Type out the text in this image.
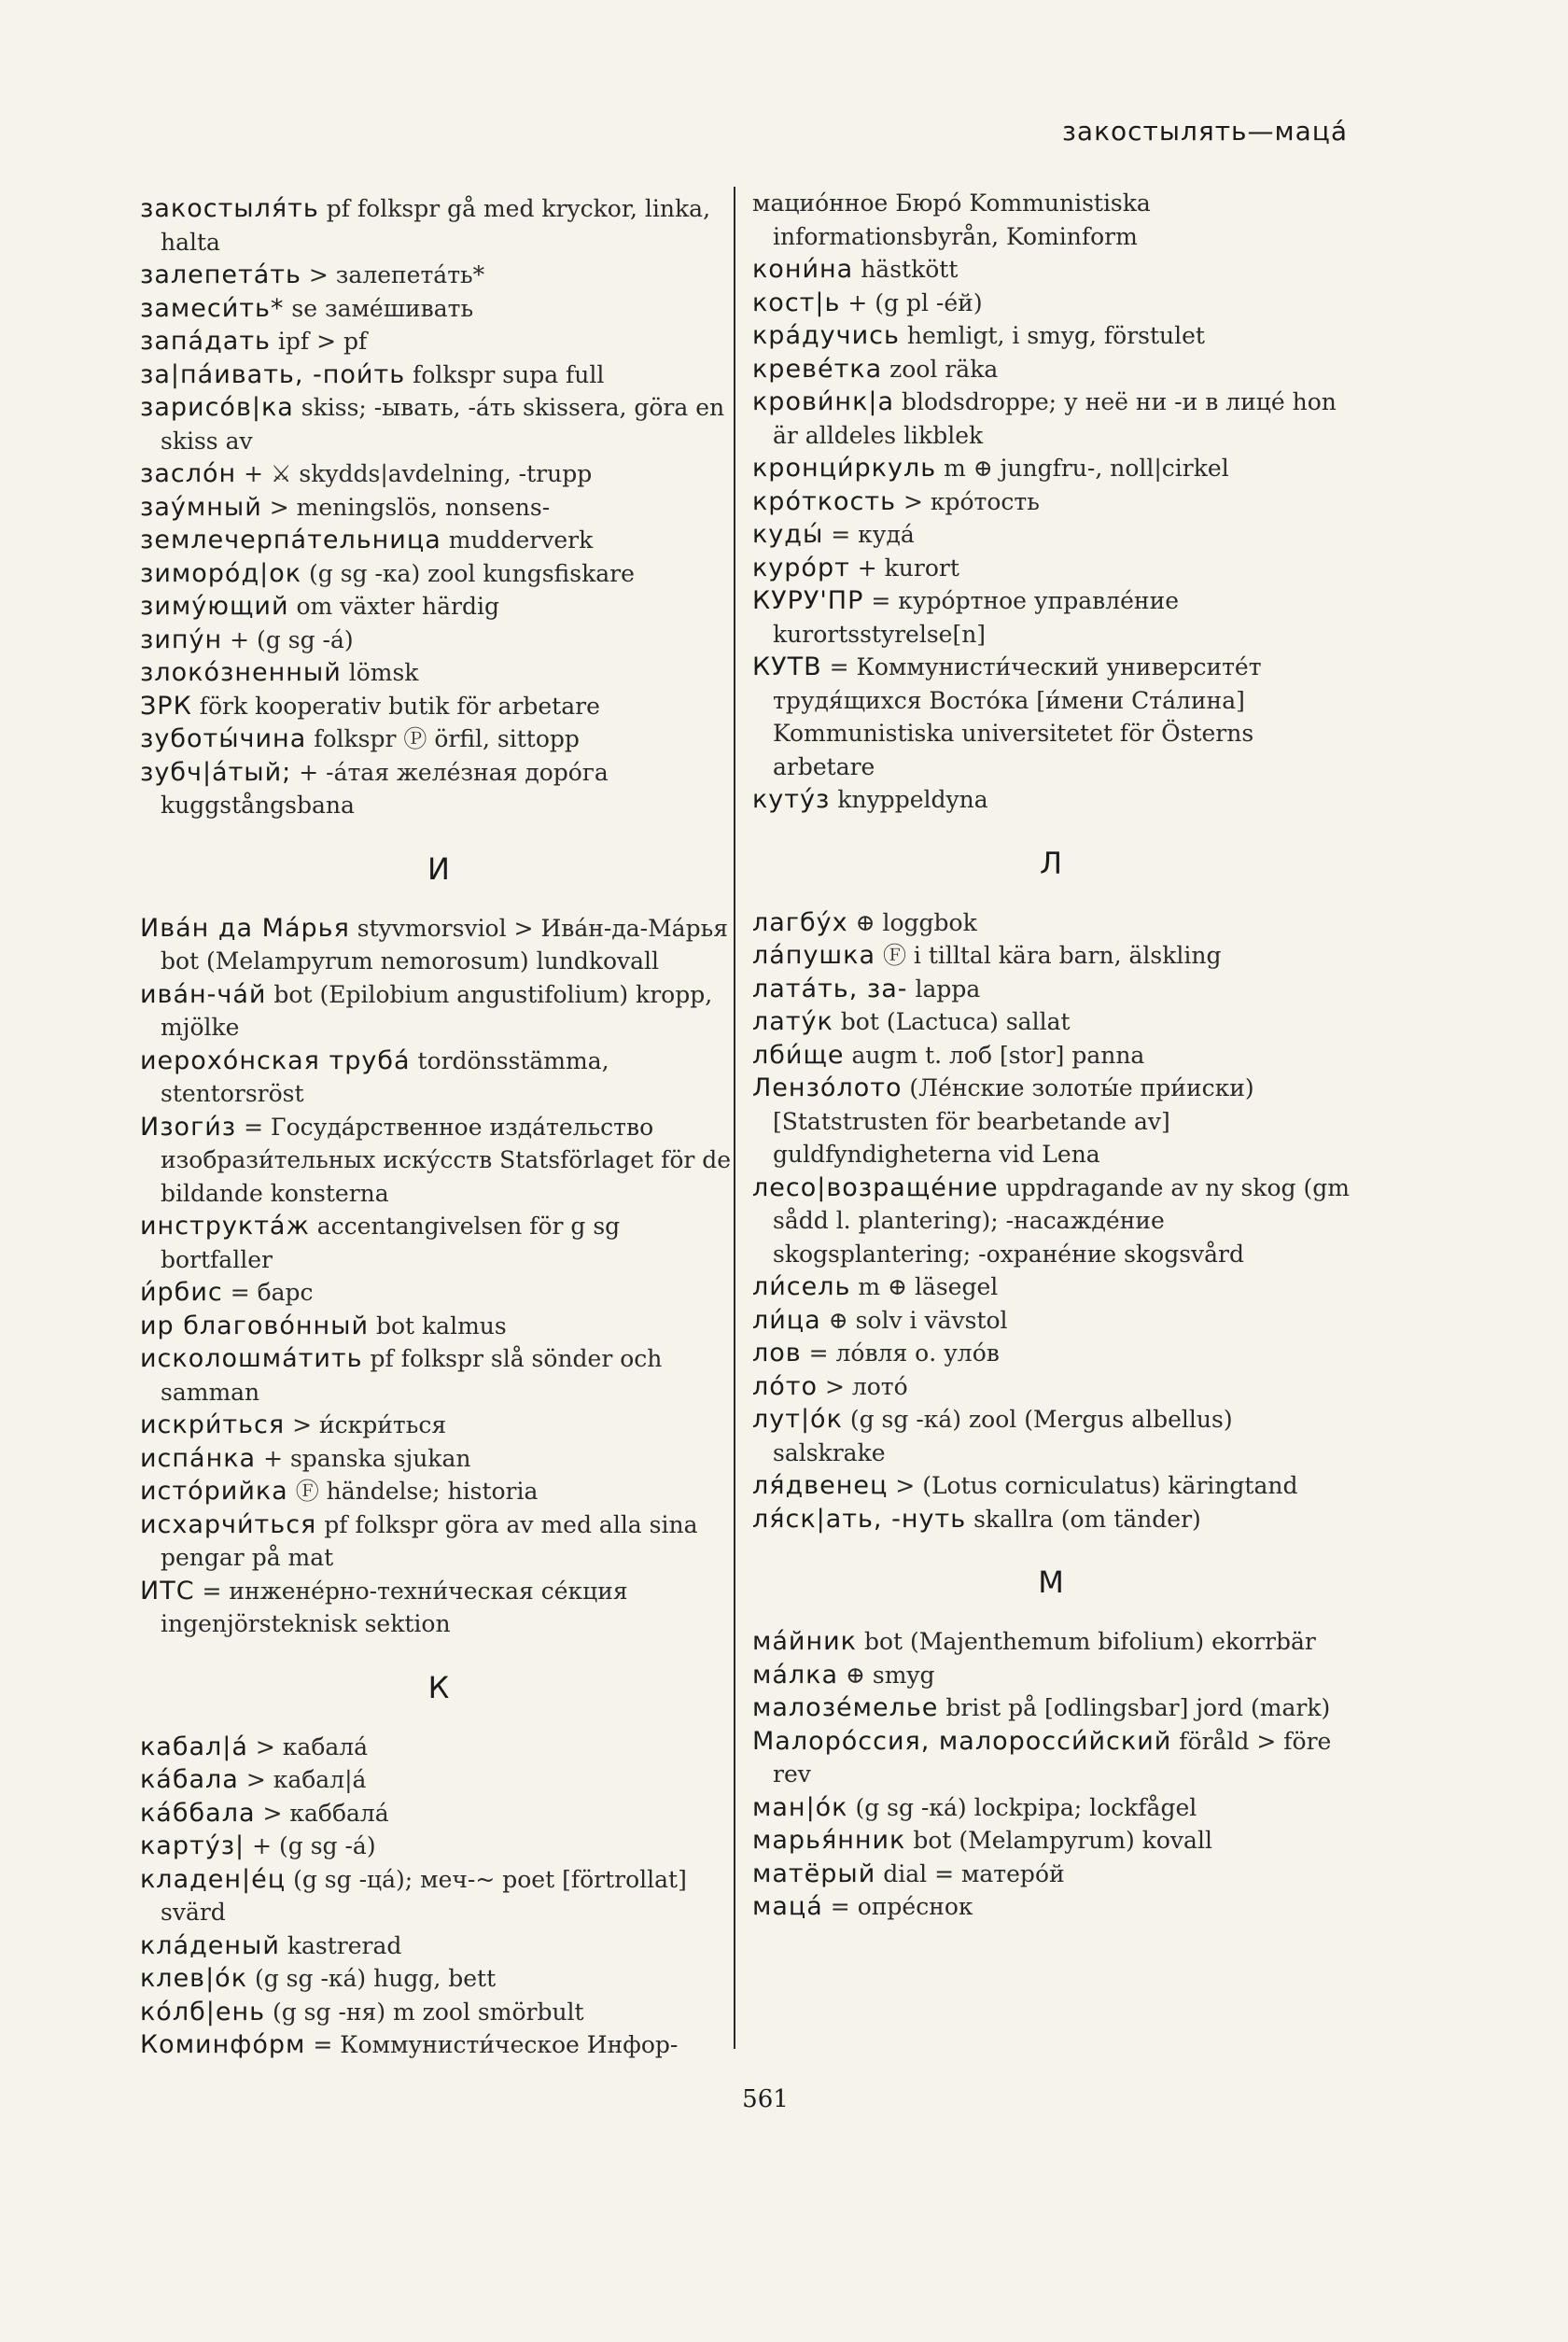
закостылять—маца́

закостыля́ть pf folkspr gå med kryckor, linka, halta

залепета́ть > залепета́ть*

замеси́ть* se заме́шивать

запа́дать ipf > pf

за|па́ивать, -пои́ть folkspr supa full

зарисо́в|ка skiss; -ывать, -а́ть skissera, göra en skiss av

засло́н + ⚔ skydds|avdelning, -trupp

зау́мный > meningslös, nonsens-

землечерпа́тельница mudderverk

зимоpо́д|ок (g sg -ка) zool kungsfiskare

зиму́ющий om växter härdig

зипу́н + (g sg -а́)

злоко́зненный lömsk

ЗРК förk kooperativ butik för arbetare

зуботы́чина folkspr Ⓟ örfil, sittopp

зубч|а́тый; + -а́тая желе́зная доро́га kuggstångsbana

И

Ива́н да Ма́рья styvmorsviol > Ива́н-да-Ма́рья bot (Melampyrum nemorosum) lundkovall

ива́н-ча́й bot (Epilobium angustifolium) kropp, mjölke

иерохо́нская труба́ tordönsstämma, stentorsröst

Изоги́з = Госуда́рственное изда́тельство изобрази́тельных иску́сств Statsförlaget för de bildande konsterna

инструкта́ж accentangivelsen för g sg bortfaller

и́рбис = барс

ир благово́нный bot kalmus

исколошма́тить pf folkspr slå sönder och samman

искри́ться > и́скри́ться

испа́нка + spanska sjukan

исто́рийка Ⓕ händelse; historia

исхарчи́ться pf folkspr göra av med alla sina pengar på mat

ИТС = инжене́рно-техни́ческая се́кция ingenjörsteknisk sektion

К

кабал|а́ > кабала́

ка́бала > кабал|а́

ка́ббала > каббала́

карту́з| + (g sg -а́)

кладен|е́ц (g sg -ца́); меч-~ poet [förtrollat] svärd

кла́деный kastrerad

клев|о́к (g sg -ка́) hugg, bett

ко́лб|ень (g sg -ня) m zool smörbult

Коминфо́рм = Коммунисти́ческое Инфор-

мацио́нное Бюро́ Kommunistiska informationsbyrån, Kominform

кони́на hästkött

кост|ь + (g pl -е́й)

кра́дучись hemligt, i smyg, förstulet

креве́тка zool räka

крови́нк|а blodsdroppe; у неё ни -и в лице́ hon är alldeles likblek

кронци́ркуль m ⊕ jungfru-, noll|cirkel

кро́ткость > кро́тость

куды́ = куда́

куро́рт + kurort

КУРУ'ПР = куро́ртное управле́ние kurortsstyrelse[n]

КУТВ = Коммунисти́ческий университе́т трудя́щихся Восто́ка [и́мени Ста́лина] Kommunistiska universitetet för Österns arbetare

куту́з knyppeldyna

Л

лагбу́х ⊕ loggbok

ла́пушка Ⓕ i tilltal kära barn, älskling

лата́ть, за- lappa

лату́к bot (Lactuca) sallat

лби́ще augm t. лоб [stor] panna

Лензо́лото (Ле́нские золоты́е при́иски) [Statstrusten för bearbetande av] guldfyndigheterna vid Lena

лесо|возраще́ние uppdragande av ny skog (gm sådd l. plantering); -насажде́ние skogsplantering; -охране́ние skogsvård

ли́сель m ⊕ läsegel

ли́ца ⊕ solv i vävstol

лов = ло́вля о. уло́в

ло́то > лото́

лут|о́к (g sg -ка́) zool (Mergus albellus) salskrake

ля́двенец > (Lotus corniculatus) käringtand

ля́ск|ать, -нуть skallra (om tänder)

М

ма́йник bot (Majenthemum bifolium) ekorrbär

ма́лка ⊕ smyg

малозе́мелье brist på [odlingsbar] jord (mark)

Малоро́ссия, малоросси́йский föråld > före rev

ман|о́к (g sg -ка́) lockpipa; lockfågel

марья́нник bot (Melampyrum) kovall

матёрый dial = матеро́й

маца́ = опре́снок

561
